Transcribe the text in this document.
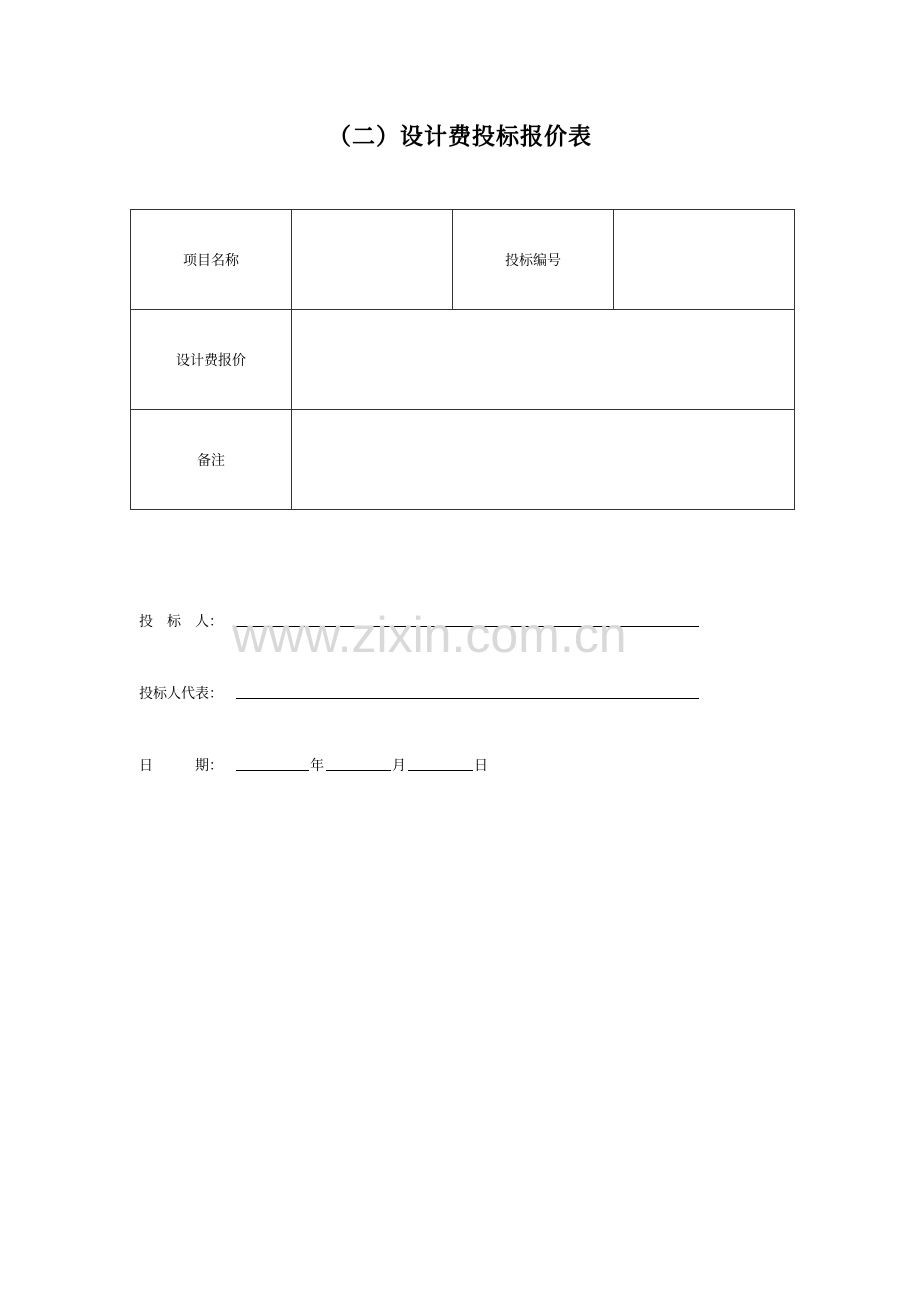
（二）设计费投标报价表
项目名称		投标编号	
设计费报价			
备注			
投　标　人：
投标人代表：
日　　　期：	年	月	日
www.zixin.com.cn
